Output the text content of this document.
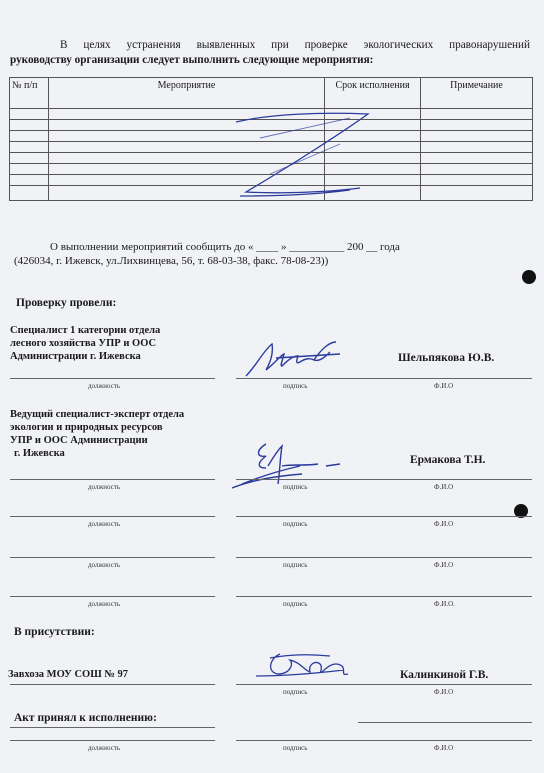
В целях устранения выявленных при проверке экологических правонарушений
руководству организации следует выполнить следующие мероприятия:
№ п/п	Мероприятие	Срок исполнения	Примечание

О выполнении мероприятий сообщить до « ____ » __________ 200 __ года
(426034, г. Ижевск, ул.Лихвинцева, 56, т. 68-03-38, факс. 78-08-23))
Проверку провели:
Специалист 1 категории отдела
лесного хозяйства УПР и ООС
Администрации г. Ижевска	Шельпякова Ю.В.
должность	подпись	Ф.И.О
Ведущий специалист-эксперт отдела
экологии и природных ресурсов
УПР и ООС Администрации
г. Ижевска
Ермакова Т.Н.
должность	подпись	Ф.И.О
должность	подпись	Ф.И.О
должность	подпись	Ф.И.О
должность	подпись	Ф.И.О.
В присутствии:
Завхоза МОУ СОШ № 97	Калинкиной Г.В.
подпись	Ф.И.О
Акт принял к исполнению:
должность	подпись	Ф.И.О
